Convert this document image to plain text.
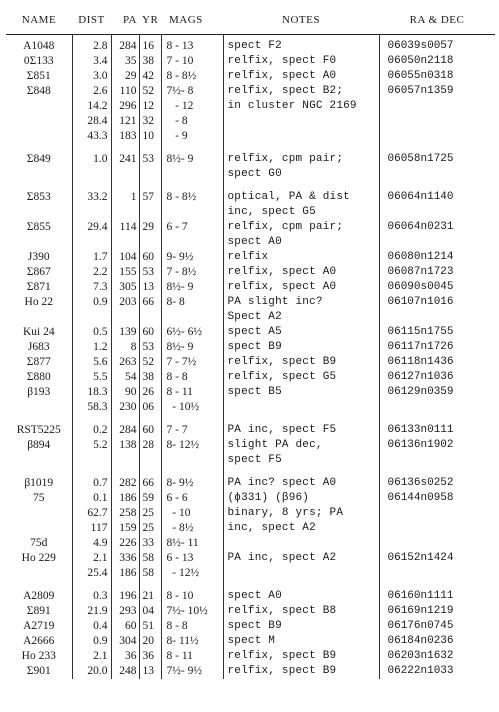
NAME	DIST	PA	YR	MAGS	NOTES	RA & DEC
A1048	2.8	284	16	8 - 13	spect F2	06039s0057
0Σ133	3.4	35	38	7 - 10	relfix, spect F0	06050n2118
Σ851	3.0	29	42	8 - 8½	relfix, spect A0	06055n0318
Σ848	2.6	110	52	7½- 8	relfix, spect B2;	06057n1359
	14.2	296	12	- 12	in cluster NGC 2169	
	28.4	121	32	- 8		
	43.3	183	10	- 9		
Σ849	1.0	241	53	8½- 9	relfix, cpm pair;	06058n1725
					spect G0	
Σ853	33.2	1	57	8 - 8½	optical, PA & dist	06064n1140
					inc, spect G5	
Σ855	29.4	114	29	6 - 7	relfix, cpm pair;	06064n0231
					spect A0	
J390	1.7	104	60	9- 9½	relfix	06080n1214
Σ867	2.2	155	53	7 - 8½	relfix, spect A0	06087n1723
Σ871	7.3	305	13	8½- 9	relfix, spect A0	06090s0045
Ho 22	0.9	203	66	8- 8	PA slight inc?	06107n1016
					Spect A2	
Kui 24	0.5	139	60	6½- 6½	spect A5	06115n1755
J683	1.2	8	53	8½- 9	spect B9	06117n1726
Σ877	5.6	263	52	7 - 7½	relfix, spect B9	06118n1436
Σ880	5.5	54	38	8 - 8	relfix, spect G5	06127n1036
β193	18.3	90	26	8 - 11	spect B5	06129n0359
	58.3	230	06	- 10½		
RST5225	0.2	284	60	7 - 7	PA inc, spect F5	06133n0111
β894	5.2	138	28	8- 12½	slight PA dec,	06136n1902
					spect F5	
β1019	0.7	282	66	8- 9½	PA inc? spect A0	06136s0252
75	0.1	186	59	6 - 6	(ϕ331) (β96)	06144n0958
	62.7	258	25	- 10	binary, 8 yrs; PA	
	117	159	25	- 8½	inc, spect A2	
75d	4.9	226	33	8½- 11		
Ho 229	2.1	336	58	6 - 13	PA inc, spect A2	06152n1424
	25.4	186	58	- 12½		
A2809	0.3	196	21	8 - 10	spect A0	06160n1111
Σ891	21.9	293	04	7½- 10½	relfix, spect B8	06169n1219
A2719	0.4	60	51	8 - 8	spect B9	06176n0745
A2666	0.9	304	20	8- 11½	spect M	06184n0236
Ho 233	2.1	36	36	8 - 11	relfix, spect B9	06203n1632
Σ901	20.0	248	13	7½- 9½	relfix, spect B9	06222n1033
